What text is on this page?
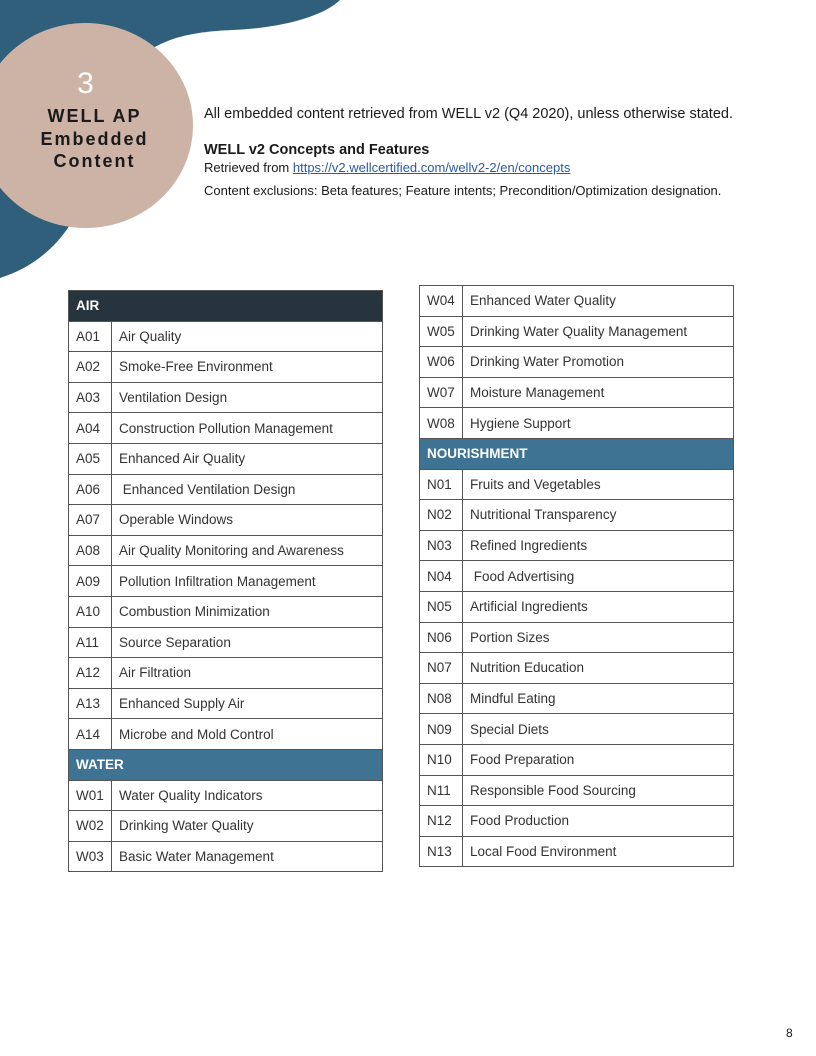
3
WELL AP
Embedded
Content
All embedded content retrieved from WELL v2 (Q4 2020), unless otherwise stated.
WELL v2 Concepts and Features
Retrieved from https://v2.wellcertified.com/wellv2-2/en/concepts
Content exclusions: Beta features; Feature intents; Precondition/Optimization designation.
AIR	
A01	Air Quality
A02	Smoke-Free Environment
A03	Ventilation Design
A04	Construction Pollution Management
A05	Enhanced Air Quality
A06	Enhanced Ventilation Design
A07	Operable Windows
A08	Air Quality Monitoring and Awareness
A09	Pollution Infiltration Management
A10	Combustion Minimization
A11	Source Separation
A12	Air Filtration
A13	Enhanced Supply Air
A14	Microbe and Mold Control
WATER	
W01	Water Quality Indicators
W02	Drinking Water Quality
W03	Basic Water Management
W04	Enhanced Water Quality
W05	Drinking Water Quality Management
W06	Drinking Water Promotion
W07	Moisture Management
W08	Hygiene Support
NOURISHMENT	
N01	Fruits and Vegetables
N02	Nutritional Transparency
N03	Refined Ingredients
N04	Food Advertising
N05	Artificial Ingredients
N06	Portion Sizes
N07	Nutrition Education
N08	Mindful Eating
N09	Special Diets
N10	Food Preparation
N11	Responsible Food Sourcing
N12	Food Production
N13	Local Food Environment
8
